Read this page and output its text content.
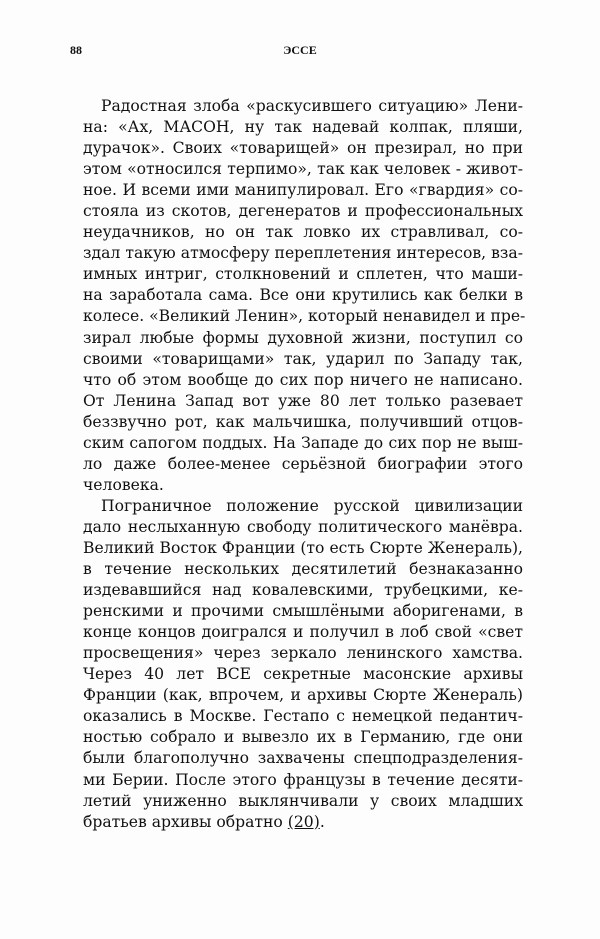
88	ЭССЕ
Радостная злоба «раскусившего ситуацию» Лени-
на: «Ах, МАСОН, ну так надевай колпак, пляши,
дурачок». Своих «товарищей» он презирал, но при
этом «относился терпимо», так как человек - живот-
ное. И всеми ими манипулировал. Его «гвардия» со-
стояла из скотов, дегенератов и профессиональных
неудачников, но он так ловко их стравливал, со-
здал такую атмосферу переплетения интересов, вза-
имных интриг, столкновений и сплетен, что маши-
на заработала сама. Все они крутились как белки в
колесе. «Великий Ленин», который ненавидел и пре-
зирал любые формы духовной жизни, поступил со
своими «товарищами» так, ударил по Западу так,
что об этом вообще до сих пор ничего не написано.
От Ленина Запад вот уже 80 лет только разевает
беззвучно рот, как мальчишка, получивший отцов-
ским сапогом поддых. На Западе до сих пор не выш-
ло даже более-менее серьёзной биографии этого
человека.
Пограничное положение русской цивилизации
дало неслыханную свободу политического манёвра.
Великий Восток Франции (то есть Сюрте Женераль),
в течение нескольких десятилетий безнаказанно
издевавшийся над ковалевскими, трубецкими, ке-
ренскими и прочими смышлёными аборигенами, в
конце концов доигрался и получил в лоб свой «свет
просвещения» через зеркало ленинского хамства.
Через 40 лет ВСЕ секретные масонские архивы
Франции (как, впрочем, и архивы Сюрте Женераль)
оказались в Москве. Гестапо с немецкой педантич-
ностью собрало и вывезло их в Германию, где они
были благополучно захвачены спецподразделения-
ми Берии. После этого французы в течение десяти-
летий униженно выклянчивали у своих младших
братьев архивы обратно (20).
